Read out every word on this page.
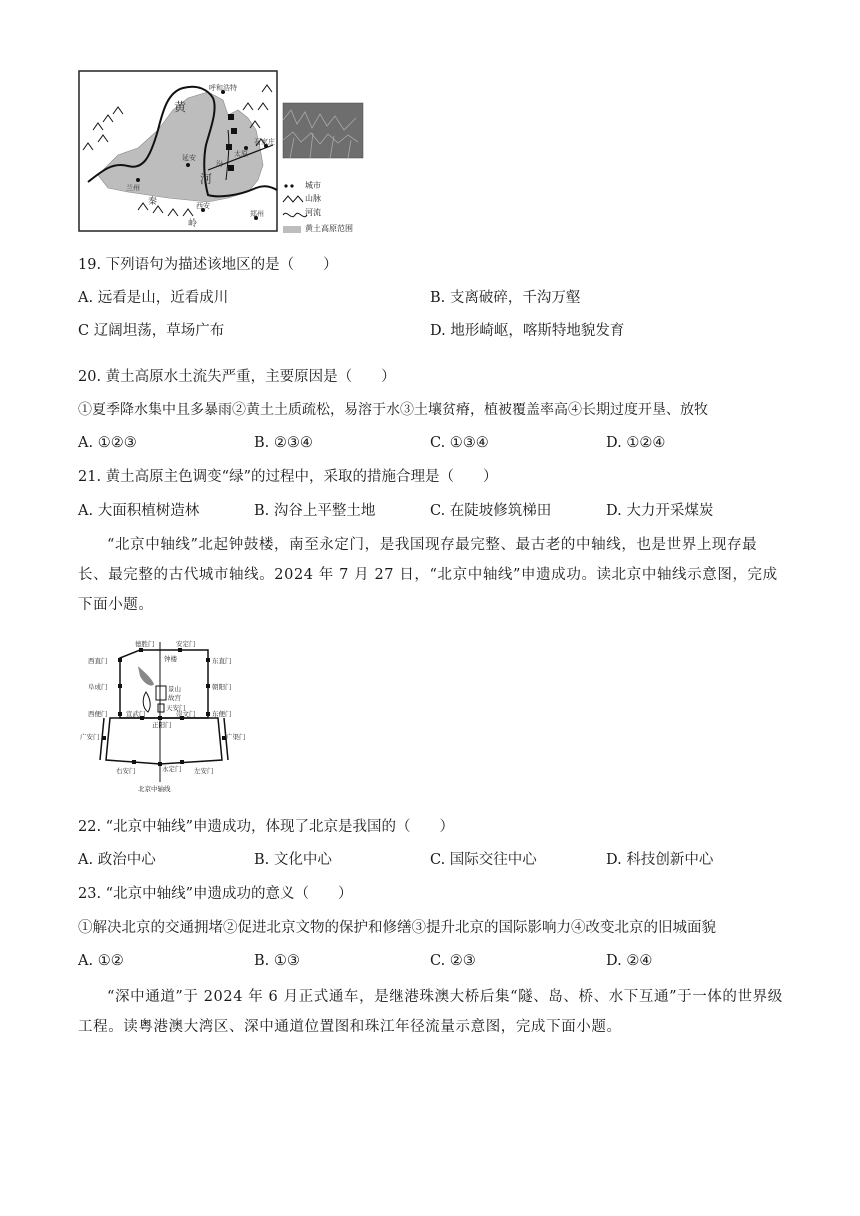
呼和浩特
黄
河
兰州
延安
西安
郑州
秦
岭
太原
石家庄
汾
城市
山脉
河流
黄土高原范围
19. 下列语句为描述该地区的是（　　）
A. 远看是山，近看成川	B. 支离破碎，千沟万壑
C 辽阔坦荡，草场广布	D. 地形崎岖，喀斯特地貌发育
20. 黄土高原水土流失严重，主要原因是（　　）
①夏季降水集中且多暴雨②黄土土质疏松，易溶于水③土壤贫瘠，植被覆盖率高④长期过度开垦、放牧
A. ①②③	B. ②③④	C. ①③④	D. ①②④
21. 黄土高原主色调变“绿”的过程中，采取的措施合理是（　　）
A. 大面积植树造林	B. 沟谷上平整土地	C. 在陡坡修筑梯田	D. 大力开采煤炭
“北京中轴线”北起钟鼓楼，南至永定门，是我国现存最完整、最古老的中轴线，也是世界上现存最长、最完整的古代城市轴线。2024 年 7 月 27 日，“北京中轴线”申遗成功。读北京中轴线示意图，完成下面小题。
德胜门	安定门
钟楼
西直门	东直门
阜成门	朝阳门
景山
故宫
天安门
西便门	宣武门	崇文门	东便门
广安门
正阳门
广渠门
右安门	永定门 左安门
北京中轴线
22. “北京中轴线”申遗成功，体现了北京是我国的（　　）
A. 政治中心	B. 文化中心	C. 国际交往中心	D. 科技创新中心
23. “北京中轴线”申遗成功的意义（　　）
①解决北京的交通拥堵②促进北京文物的保护和修缮③提升北京的国际影响力④改变北京的旧城面貌
A. ①②	B. ①③	C. ②③	D. ②④
“深中通道”于 2024 年 6 月正式通车，是继港珠澳大桥后集“隧、岛、桥、水下互通”于一体的世界级工程。读粤港澳大湾区、深中通道位置图和珠江年径流量示意图，完成下面小题。
